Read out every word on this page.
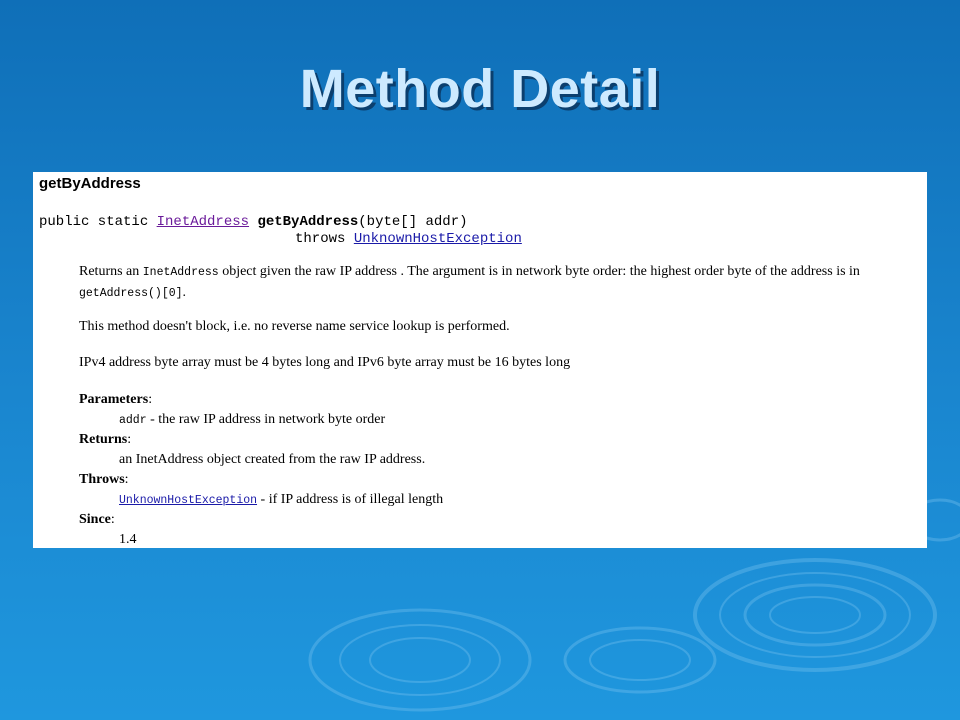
Method Detail
getByAddress
public static InetAddress getByAddress(byte[] addr)
throws UnknownHostException
Returns an InetAddress object given the raw IP address . The argument is in network byte order: the highest order byte of the address is in
getAddress()[0].
This method doesn't block, i.e. no reverse name service lookup is performed.
IPv4 address byte array must be 4 bytes long and IPv6 byte array must be 16 bytes long
Parameters:
addr - the raw IP address in network byte order
Returns:
an InetAddress object created from the raw IP address.
Throws:
UnknownHostException - if IP address is of illegal length
Since:
1.4
